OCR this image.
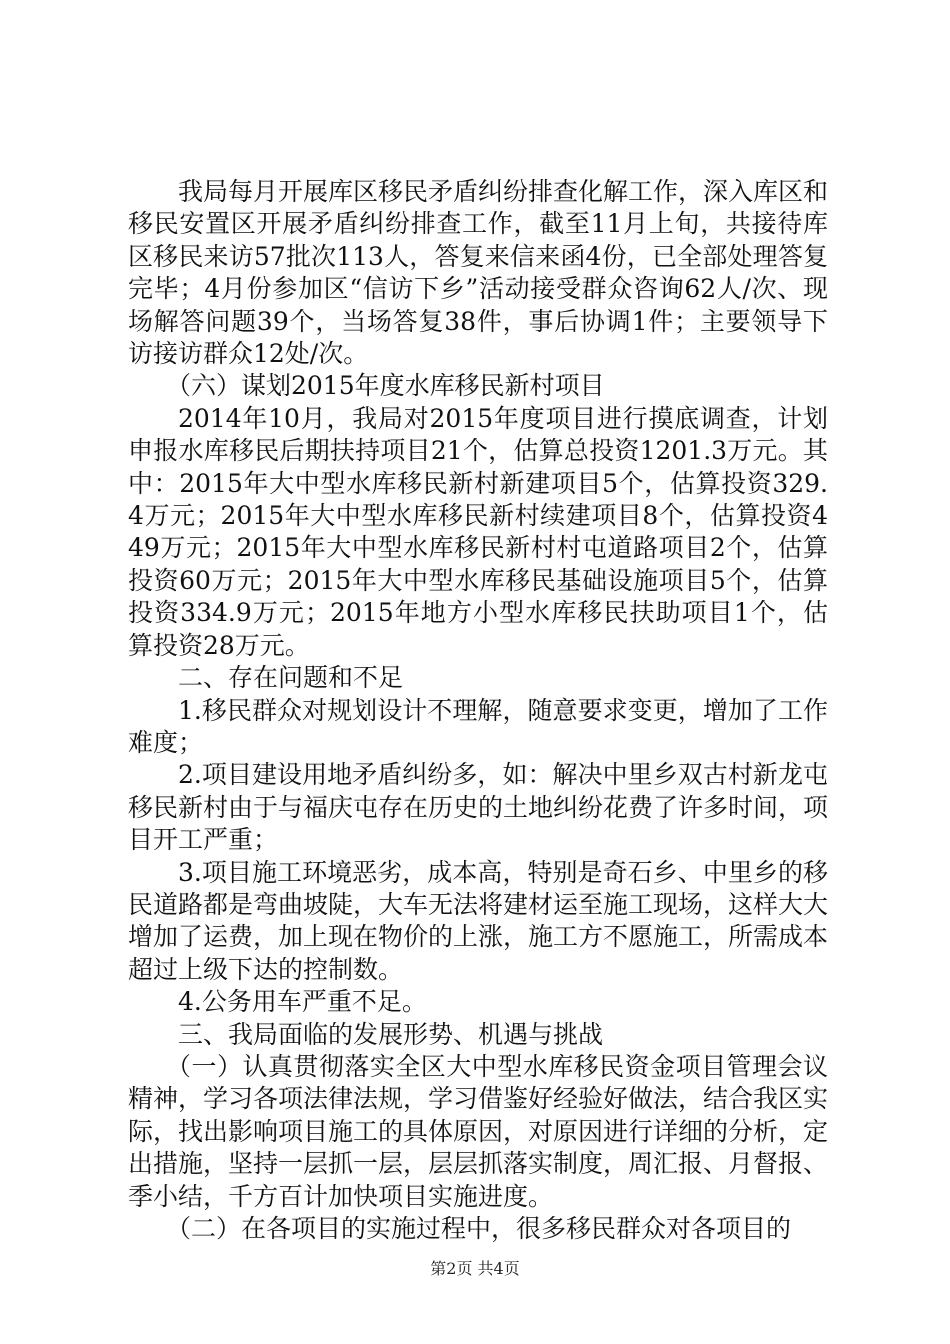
我局每月开展库区移民矛盾纠纷排查化解工作，深入库区和移民安置区开展矛盾纠纷排查工作，截至11月上旬，共接待库区移民来访57批次113人，答复来信来函4份，已全部处理答复完毕；4月份参加区“信访下乡”活动接受群众咨询62人/次、现场解答问题39个，当场答复38件，事后协调1件；主要领导下访接访群众12处/次。

（六）谋划2015年度水库移民新村项目

2014年10月，我局对2015年度项目进行摸底调查，计划申报水库移民后期扶持项目21个，估算总投资1201.3万元。其中：2015年大中型水库移民新村新建项目5个，估算投资329.4万元；2015年大中型水库移民新村续建项目8个，估算投资449万元；2015年大中型水库移民新村村屯道路项目2个，估算投资60万元；2015年大中型水库移民基础设施项目5个，估算投资334.9万元；2015年地方小型水库移民扶助项目1个，估算投资28万元。

二、存在问题和不足

1.移民群众对规划设计不理解，随意要求变更，增加了工作难度；

2.项目建设用地矛盾纠纷多，如：解决中里乡双古村新龙屯移民新村由于与福庆屯存在历史的土地纠纷花费了许多时间，项目开工严重；

3.项目施工环境恶劣，成本高，特别是奇石乡、中里乡的移民道路都是弯曲坡陡，大车无法将建材运至施工现场，这样大大增加了运费，加上现在物价的上涨，施工方不愿施工，所需成本超过上级下达的控制数。

4.公务用车严重不足。

三、我局面临的发展形势、机遇与挑战

（一）认真贯彻落实全区大中型水库移民资金项目管理会议精神，学习各项法律法规，学习借鉴好经验好做法，结合我区实际，找出影响项目施工的具体原因，对原因进行详细的分析，定出措施，坚持一层抓一层，层层抓落实制度，周汇报、月督报、季小结，千方百计加快项目实施进度。

（二）在各项目的实施过程中，很多移民群众对各项目的

第2页 共4页
